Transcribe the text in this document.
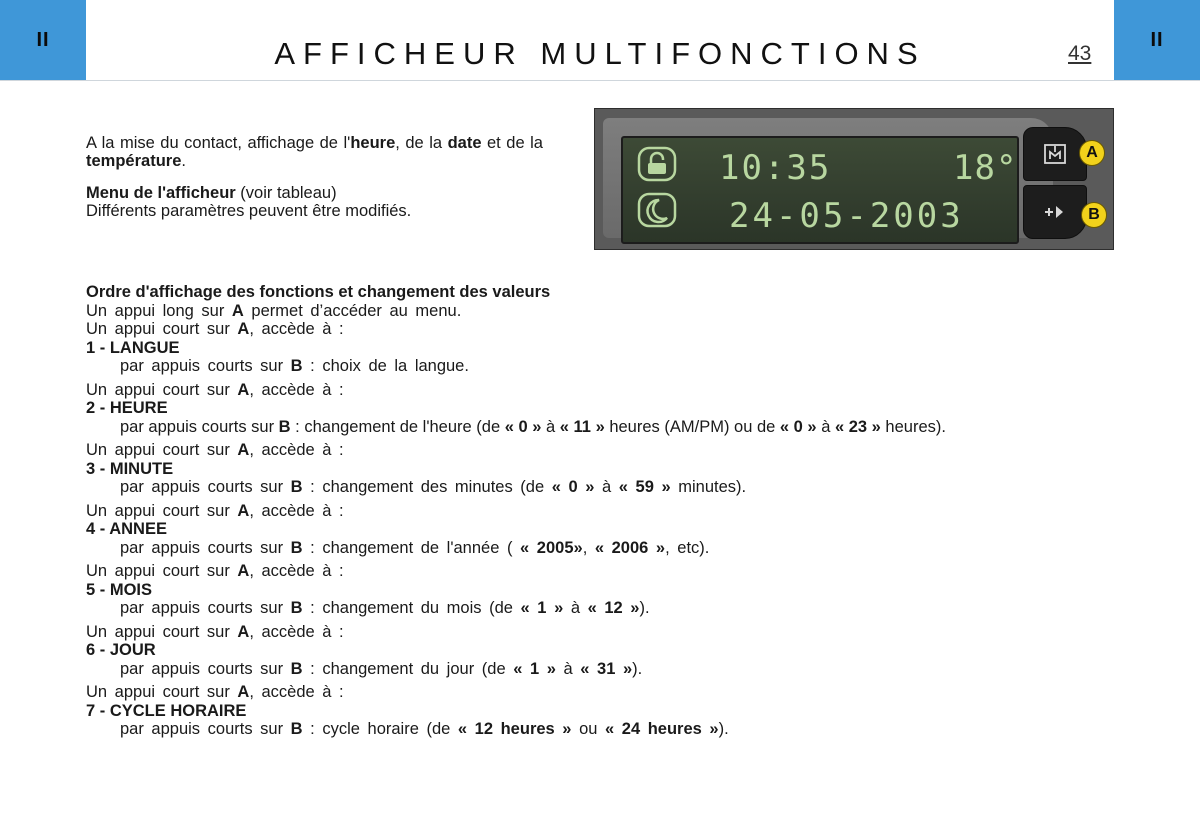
II	AFFICHEUR MULTIFONCTIONS	43
II

A la mise du contact, affichage de l'heure, de la date et de la température.

Menu de l'afficheur (voir tableau)

Différents paramètres peuvent être modifiés.

10:35	18°
24-05-2003
A
B

Ordre d'affichage des fonctions et changement des valeurs

Un appui long sur A permet d’accéder au menu.

Un appui court sur A, accède à :

1 - LANGUE

par appuis courts sur B : choix de la langue.

Un appui court sur A, accède à :

2 - HEURE

par appuis courts sur B : changement de l'heure (de « 0 » à « 11 » heures (AM/PM) ou de « 0 » à « 23 » heures).

Un appui court sur A, accède à :

3 - MINUTE

par appuis courts sur B : changement des minutes (de « 0 » à « 59 » minutes).

Un appui court sur A, accède à :

4 - ANNEE

par appuis courts sur B : changement de l'année ( « 2005», « 2006 », etc).

Un appui court sur A, accède à :

5 - MOIS

par appuis courts sur B : changement du mois (de « 1 » à « 12 »).

Un appui court sur A, accède à :

6 - JOUR

par appuis courts sur B : changement du jour (de « 1 » à « 31 »).

Un appui court sur A, accède à :

7 - CYCLE HORAIRE

par appuis courts sur B : cycle horaire (de « 12 heures » ou « 24 heures »).
